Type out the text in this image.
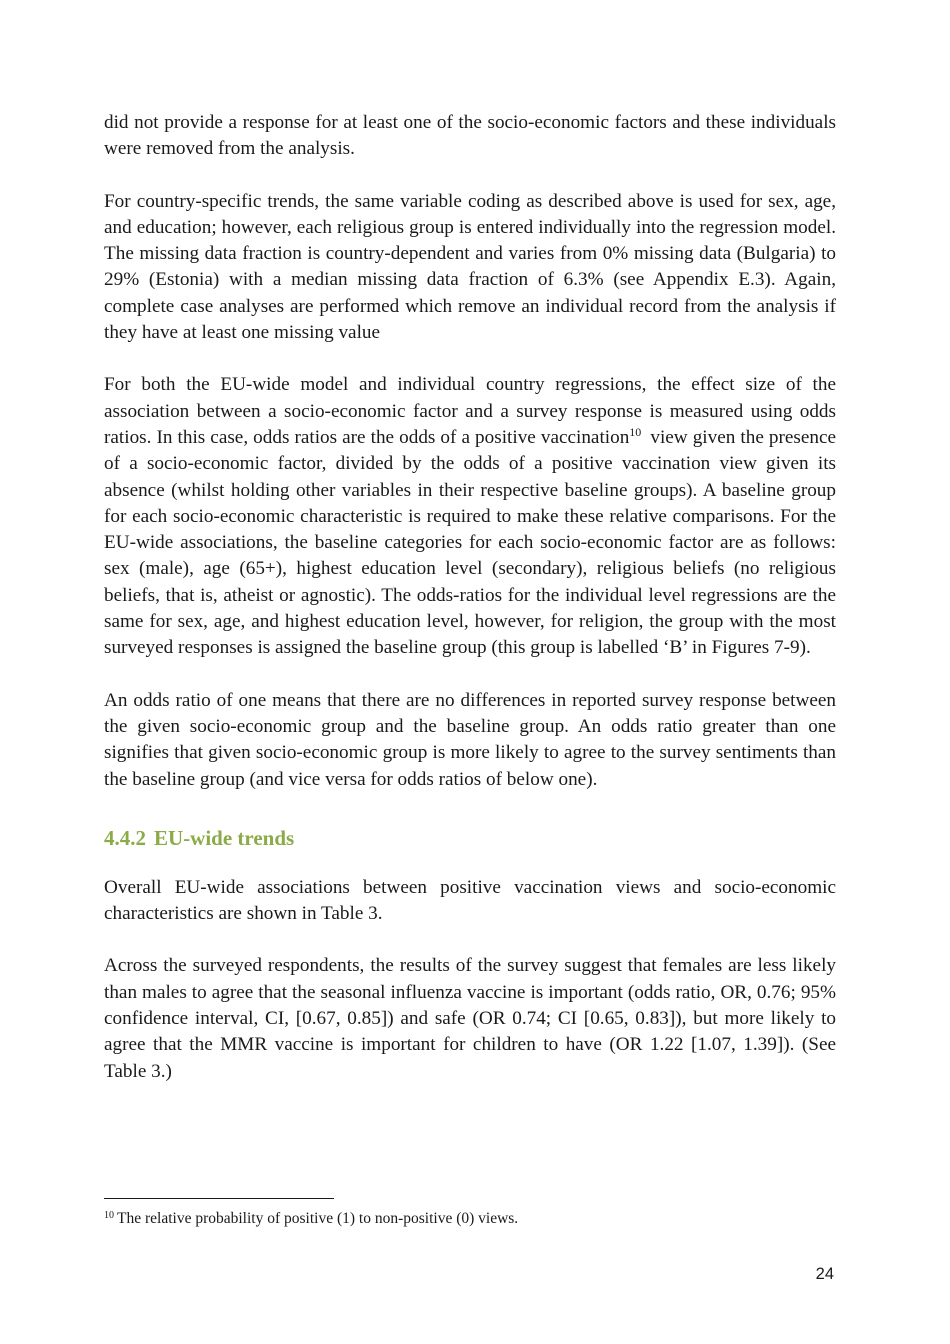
did not provide a response for at least one of the socio-economic factors and these individuals were removed from the analysis.

For country-specific trends, the same variable coding as described above is used for sex, age, and education; however, each religious group is entered individually into the regression model. The missing data fraction is country-dependent and varies from 0% missing data (Bulgaria) to 29% (Estonia) with a median missing data fraction of 6.3% (see Appendix E.3). Again, complete case analyses are performed which remove an individual record from the analysis if they have at least one missing value

For both the EU-wide model and individual country regressions, the effect size of the association between a socio-economic factor and a survey response is measured using odds ratios. In this case, odds ratios are the odds of a positive vaccination$^{10}$ view given the presence of a socio-economic factor, divided by the odds of a positive vaccination view given its absence (whilst holding other variables in their respective baseline groups). A baseline group for each socio-economic characteristic is required to make these relative comparisons. For the EU-wide associations, the baseline categories for each socio-economic factor are as follows: sex (male), age (65+), highest education level (secondary), religious beliefs (no religious beliefs, that is, atheist or agnostic). The odds-ratios for the individual level regressions are the same for sex, age, and highest education level, however, for religion, the group with the most surveyed responses is assigned the baseline group (this group is labelled ‘B’ in Figures 7-9).

An odds ratio of one means that there are no differences in reported survey response between the given socio-economic group and the baseline group. An odds ratio greater than one signifies that given socio-economic group is more likely to agree to the survey sentiments than the baseline group (and vice versa for odds ratios of below one).

4.4.2 EU-wide trends

Overall EU-wide associations between positive vaccination views and socio-economic characteristics are shown in Table 3.

Across the surveyed respondents, the results of the survey suggest that females are less likely than males to agree that the seasonal influenza vaccine is important (odds ratio, OR, 0.76; 95% confidence interval, CI, [0.67, 0.85]) and safe (OR 0.74; CI [0.65, 0.83]), but more likely to agree that the MMR vaccine is important for children to have (OR 1.22 [1.07, 1.39]). (See Table 3.)

$^{10}$ The relative probability of positive (1) to non-positive (0) views.
24
